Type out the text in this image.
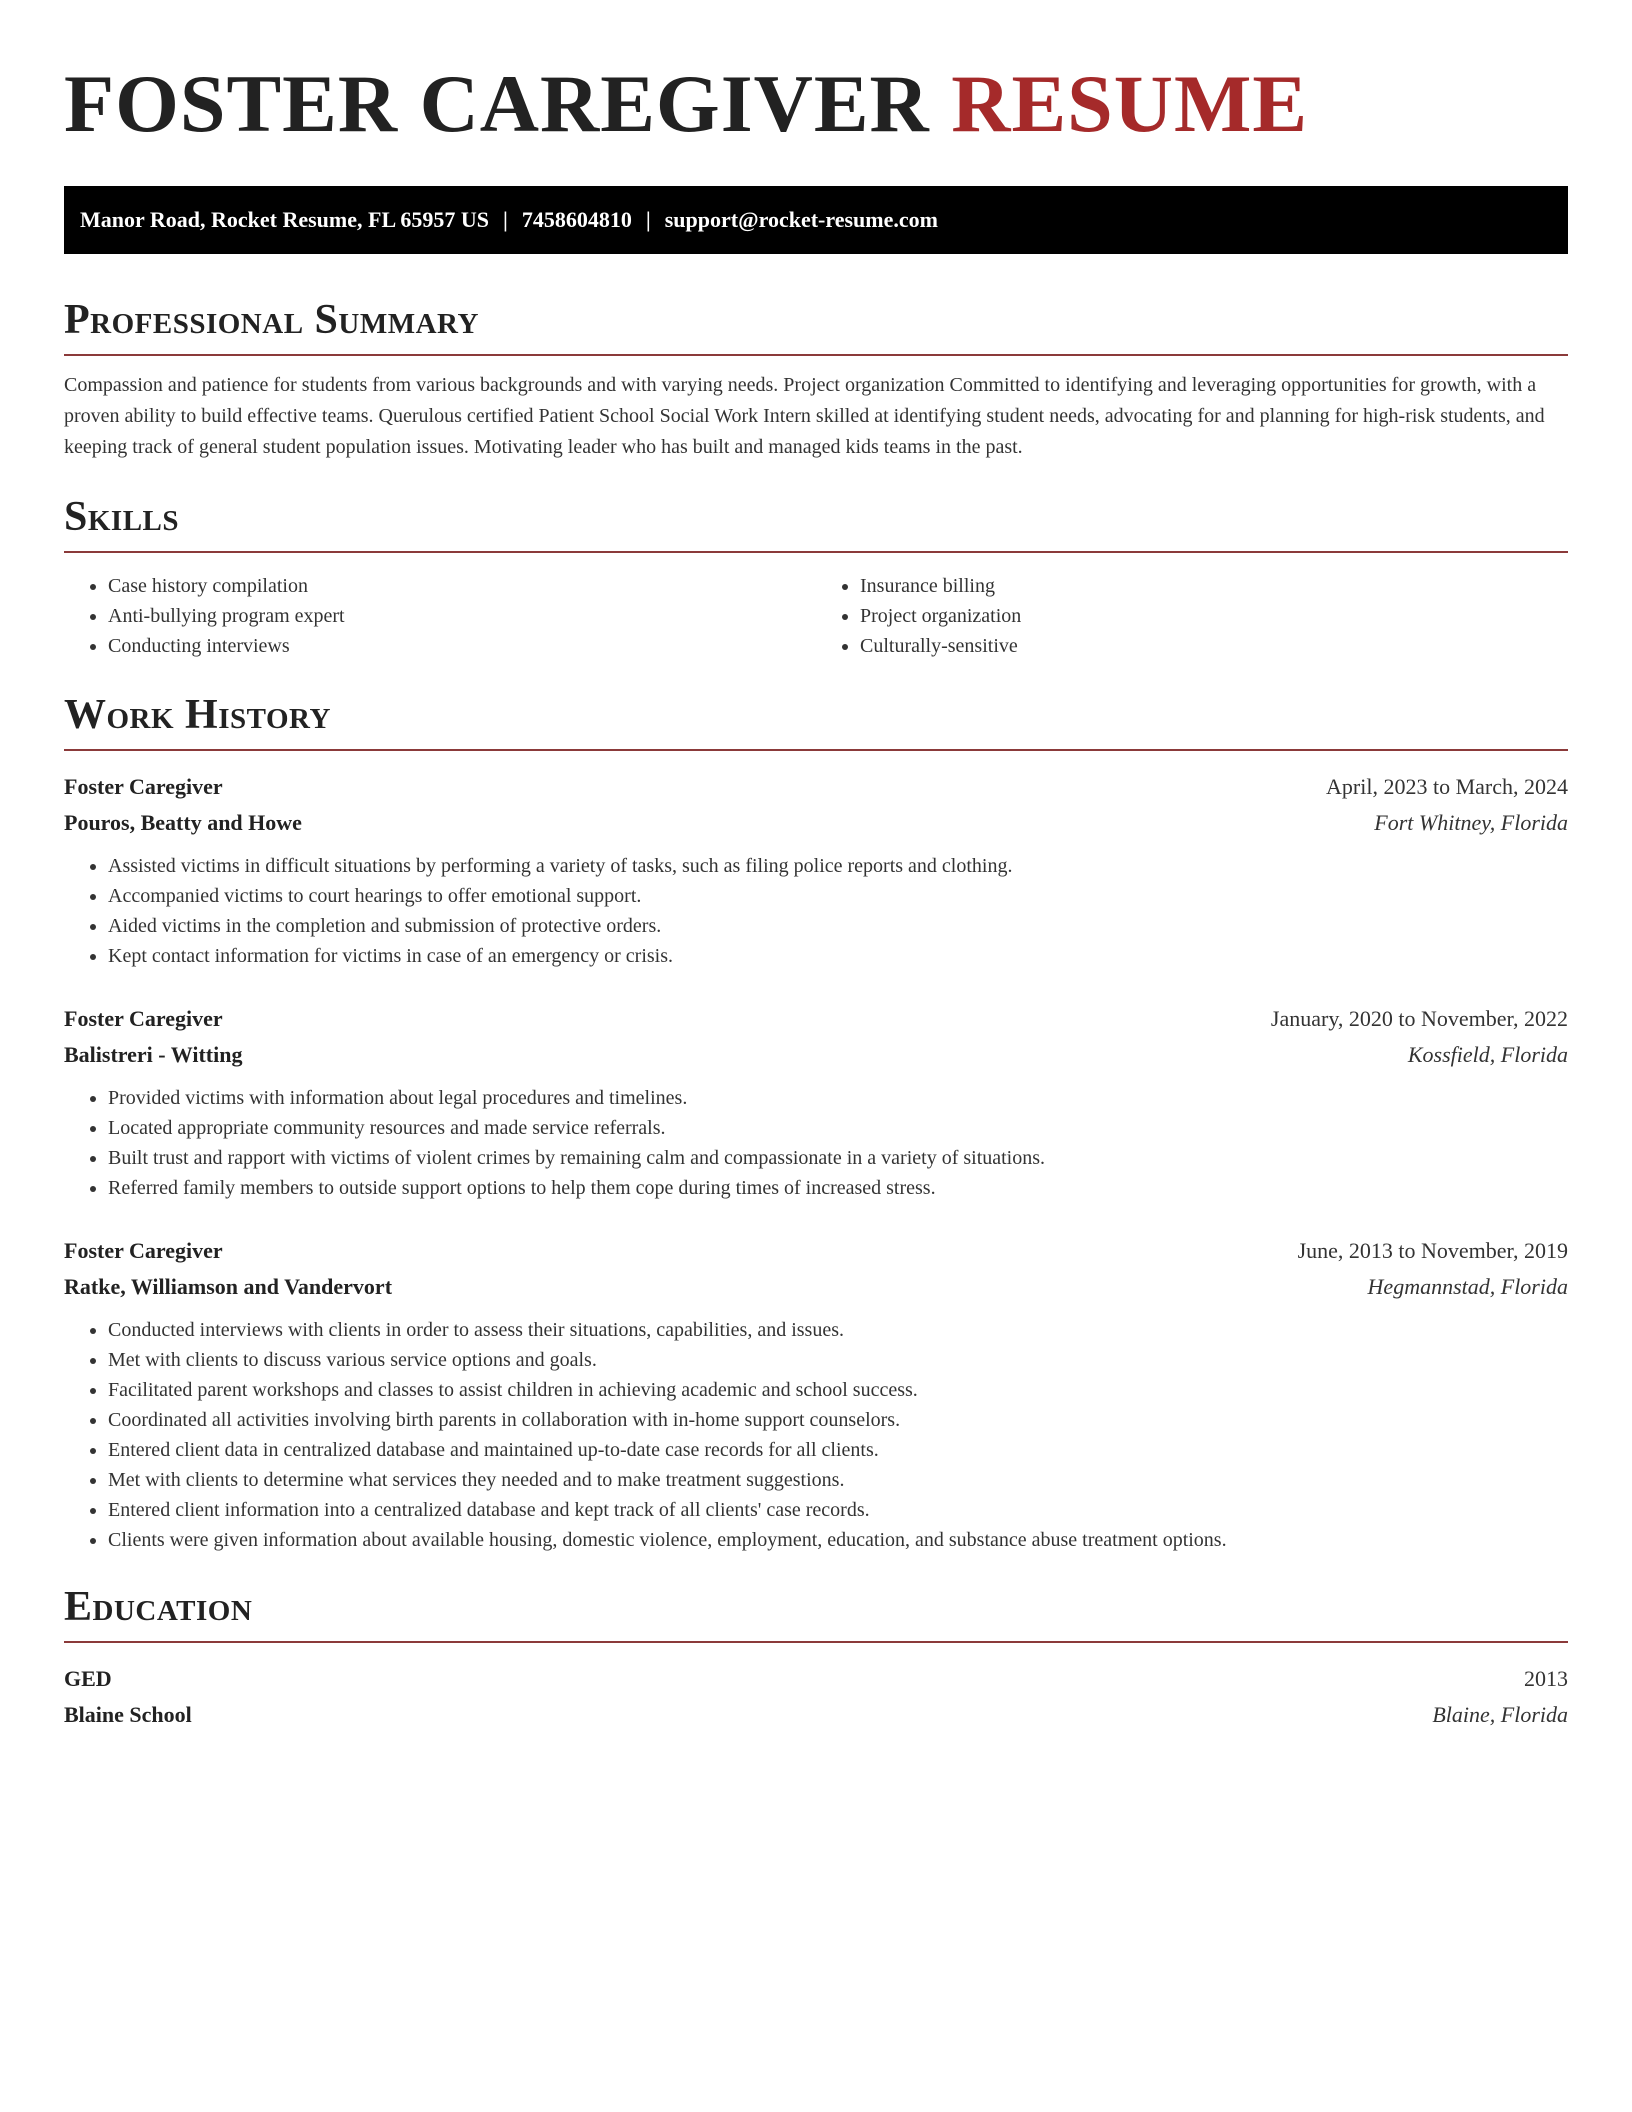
FOSTER CAREGIVER RESUME
Manor Road, Rocket Resume, FL 65957 US | 7458604810 | support@rocket-resume.com
Professional Summary

Compassion and patience for students from various backgrounds and with varying needs. Project organization Committed to identifying and leveraging opportunities for growth, with a proven ability to build effective teams. Querulous certified Patient School Social Work Intern skilled at identifying student needs, advocating for and planning for high-risk students, and keeping track of general student population issues. Motivating leader who has built and managed kids teams in the past.

Skills
• Case history compilation
• Anti-bullying program expert
• Conducting interviews
• Insurance billing
• Project organization
• Culturally-sensitive
Work History
Foster Caregiver	April, 2023 to March, 2024
Pouros, Beatty and Howe	Fort Whitney, Florida
• Assisted victims in difficult situations by performing a variety of tasks, such as filing police reports and clothing.
• Accompanied victims to court hearings to offer emotional support.
• Aided victims in the completion and submission of protective orders.
• Kept contact information for victims in case of an emergency or crisis.
Foster Caregiver	January, 2020 to November, 2022
Balistreri - Witting	Kossfield, Florida
• Provided victims with information about legal procedures and timelines.
• Located appropriate community resources and made service referrals.
• Built trust and rapport with victims of violent crimes by remaining calm and compassionate in a variety of situations.
• Referred family members to outside support options to help them cope during times of increased stress.
Foster Caregiver	June, 2013 to November, 2019
Ratke, Williamson and Vandervort	Hegmannstad, Florida
• Conducted interviews with clients in order to assess their situations, capabilities, and issues.
• Met with clients to discuss various service options and goals.
• Facilitated parent workshops and classes to assist children in achieving academic and school success.
• Coordinated all activities involving birth parents in collaboration with in-home support counselors.
• Entered client data in centralized database and maintained up-to-date case records for all clients.
• Met with clients to determine what services they needed and to make treatment suggestions.
• Entered client information into a centralized database and kept track of all clients' case records.
• Clients were given information about available housing, domestic violence, employment, education, and substance abuse treatment options.
Education
GED	2013
Blaine School	Blaine, Florida
